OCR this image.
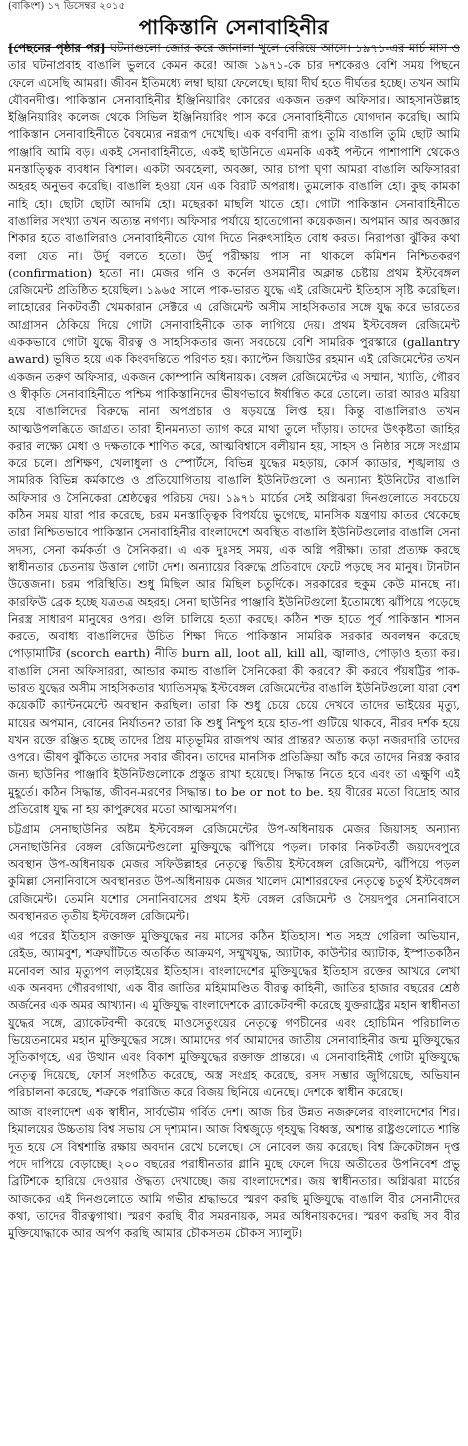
(বাকিংশ) ১৭ ডিসেম্বর ২০১৫
পাকিস্তানি সেনাবাহিনীর

[পেছনের পৃষ্ঠার পর] ঘটনাগুলো জোর করে জানালা খুলে বেরিয়ে আসে। ১৯৭১-এর মার্চ মাস ও তার ঘটনাপ্রবাহ বাঙালি ভুলবে কেমন করে! আজ ১৯৭১-কে চার দশকেরও বেশি সময় পিছনে ফেলে এসেছি আমরা। জীবন ইতিমধ্যে লম্বা ছায়া ফেলেছে। ছায়া দীর্ঘ হতে দীর্ঘতর হচ্ছে। তখন আমি যৌবনদীপ্ত। পাকিস্তান সেনাবাহিনীর ইঞ্জিনিয়ারিং কোরের একজন তরুণ অফিসার। আহসানউল্লাহ ইঞ্জিনিয়ারিং কলেজ থেকে সিভিল ইঞ্জিনিয়ারিং পাস করে সেনাবাহিনীতে যোগদান করেছি। আমি পাকিস্তান সেনাবাহিনীতে বৈষম্যের নগ্নরূপ দেখেছি। এক বর্ণবাদী রূপ। তুমি বাঙালি তুমি ছোট আমি পাঞ্জাবি আমি বড়। একই সেনাবাহিনীতে, একই ছাউনিতে এমনকি একই পল্টনে পাশাপাশি থেকেও মনস্তাত্ত্বিক ব্যবধান বিশাল। একটা অবহেলা, অবজ্ঞা, আর চাপা ঘৃণা আমরা বাঙালি অফিসাররা অহরহ অনুভব করেছি। বাঙালি হওয়া যেন এক বিরাট অপরাধ। তুমলোক বাঙালি হো। কুছ কামকা নাহি হো। ছোটা ছোটা আদমি হো। মছেরকা মাছলি খাতে হো। গোটা পাকিস্তান সেনাবাহিনীতে বাঙালির সংখ্যা তখন অত্যন্ত নগণ্য। অফিসার পর্যায়ে হাতেগোনা কয়েকজন। অপমান আর অবজ্ঞার শিকার হতে বাঙালিরাও সেনাবাহিনীতে যোগ দিতে নিরুৎসাহিত বোধ করত। নিরাপত্তা ঝুঁকির কথা বলা যেত না। উর্দু বলতে হতো। উর্দু পরীক্ষায় পাস না থাকলে কমিশন নিশ্চিতকরণ (confirmation) হতো না। মেজর গনি ও কর্নেল ওসমানীর অক্লান্ত চেষ্টায় প্রথম ইস্টবেঙ্গল রেজিমেন্ট প্রতিষ্ঠিত হয়েছিল। ১৯৬৫ সালে পাক-ভারত যুদ্ধে এই রেজিমেন্ট ইতিহাস সৃষ্টি করেছিল। লাহোরের নিকটবর্তী খেমকারান সেক্টরে এ রেজিমেন্ট অসীম সাহসিকতার সঙ্গে যুদ্ধ করে ভারতের আগ্রাসন ঠেকিয়ে দিয়ে গোটা সেনাবাহিনীকে তাক লাগিয়ে দেয়। প্রথম ইস্টবেঙ্গল রেজিমেন্ট এককভাবে গোটা যুদ্ধে বীরত্ব ও সাহসিকতার জন্য সবচেয়ে বেশি সামরিক পুরস্কারে (gallantry award) ভূষিত হয়ে এক কিংবদন্তিতে পরিণত হয়। ক্যাপ্টেন জিয়াউর রহমান এই রেজিমেন্টের তখন একজন তরুণ অফিসার, একজন কোম্পানি অধিনায়ক। বেঙ্গল রেজিমেন্টের এ সম্মান, খ্যাতি, গৌরব ও স্বীকৃতি সেনাবাহিনীতে পশ্চিম পাকিস্তানিদের ভীষণভাবে ঈর্ষান্বিত করে তোলে। তারা আরও মরিয়া হয়ে বাঙালিদের বিরুদ্ধে নানা অপপ্রচার ও ষড়যন্ত্রে লিপ্ত হয়। কিন্তু বাঙালিরাও তখন আত্মউপলব্ধিতে জাগ্রত। তারা হীনমন্যতা ত্যাগ করে মাথা তুলে দাঁড়ায়। তাদের উৎকৃষ্টতা জাহির করার লক্ষ্যে মেধা ও দক্ষতাকে শাণিত করে, আত্মবিশ্বাসে বলীয়ান হয়, সাহস ও নিষ্ঠার সঙ্গে সংগ্রাম করে চলে। প্রশিক্ষণ, খেলাধুলা ও স্পোর্টসে, বিভিন্ন যুদ্ধের মহড়ায়, কোর্স ক্যাডার, শৃঙ্খলায় ও সামরিক বিভিন্ন কর্মকাণ্ডে ও প্রতিযোগিতায় বাঙালি ইউনিটগুলো ও অন্যান্য ইউনিটের বাঙালি অফিসার ও সৈনিকেরা শ্রেষ্ঠত্বের পরিচয় দেয়। ১৯৭১ মার্চের সেই অগ্নিঝরা দিনগুলোতে সবচেয়ে কঠিন সময় যারা পার করেছে, চরম মনস্তাত্ত্বিক বিপর্যয়ে ভুগেছে, মানসিক যন্ত্রণায় কাতর থেকেছে তারা নিশ্চিতভাবে পাকিস্তান সেনাবাহিনীর বাংলাদেশে অবস্থিত বাঙালি ইউনিটগুলোর বাঙালি সেনা সদস্য, সেনা কর্মকর্তা ও সৈনিকরা। এ এক দুঃসহ সময়, এক অগ্নি পরীক্ষা। তারা প্রত্যক্ষ করছে স্বাধীনতার চেতনায় উত্তাল গোটা দেশ। অন্যায়ের বিরুদ্ধে প্রতিবাদে ফেটে পড়ছে সব মানুষ। টানটান উত্তেজনা। চরম পরিস্থিতি। শুধু মিছিল আর মিছিল চতুর্দিকে। সরকারের হুকুম কেউ মানছে না। কারফিউ ব্রেক হচ্ছে যত্রতত্র অহরহ। সেনা ছাউনির পাঞ্জাবি ইউনিটগুলো ইতোমধ্যে ঝাঁপিয়ে পড়েছে নিরস্ত্র সাধারণ মানুষের ওপর। গুলি চালিয়ে হত্যা করছে। কঠিন শক্ত হাতে পূর্ব পাকিস্তান শাসন করতে, অবাধ্য বাঙালিদের উচিত শিক্ষা দিতে পাকিস্তান সামরিক সরকার অবলম্বন করেছে পোড়ামাটির (scorch earth) নীতি burn all, loot all, kill all, জ্বালাও, পোড়াও হত্যা কর। বাঙালি সেনা অফিসাররা, আন্ডার কমান্ড বাঙালি সৈনিকেরা কী করবে? কী করবে পঁয়ষট্টির পাক-ভারত যুদ্ধের অসীম সাহসিকতার খ্যাতিসমৃদ্ধ ইস্টবেঙ্গল রেজিমেন্টের বাঙালি ইউনিটগুলো যারা বেশ কয়েকটি ক্যান্টনমেন্টে অবস্থান করছিল। তারা কি শুধু চেয়ে চেয়ে দেখবে তাদের ভাইয়ের মৃত্যু, মায়ের অপমান, বোনের নির্যাতন? তারা কি শুধু নিশ্চুপ হয়ে হাত-পা গুটিয়ে থাকবে, নীরব দর্শক হয়ে যখন রক্তে রঞ্জিত হচ্ছে তাদের প্রিয় মাতৃভূমির রাজপথ আর প্রান্তর? অত্যন্ত কড়া নজরদারি তাদের ওপরে। ভীষণ ঝুঁকিতে তাদের সবার জীবন। তাদের মানসিক প্রতিক্রিয়া আঁচ করে তাদের নিরস্ত্র করার জন্য ছাউনির পাঞ্জাবি ইউনিটগুলোকে প্রস্তুত রাখা হয়েছে। সিদ্ধান্ত নিতে হবে এবং তা এক্ষুণি এই মুহূর্তে। কঠিন সিদ্ধান্ত, জীবন-মরণের সিদ্ধান্ত। to be or not to be. হয় বীরের মতো বিদ্রোহ আর প্রতিরোধ যুদ্ধ না হয় কাপুরুষের মতো আত্মসমর্পণ।

চট্টগ্রাম সেনাছাউনির অষ্টম ইস্টবেঙ্গল রেজিমেন্টের উপ-অধিনায়ক মেজর জিয়াসহ অন্যান্য সেনাছাউনির বেঙ্গল রেজিমেন্টগুলো মুক্তিযুদ্ধে ঝাঁপিয়ে পড়ল। ঢাকার নিকটবর্তী জয়দেবপুরে অবস্থান উপ-অধিনায়ক মেজর সফিউল্লাহর নেতৃত্বে দ্বিতীয় ইস্টবেঙ্গল রেজিমেন্ট, ঝাঁপিয়ে পড়ল কুমিল্লা সেনানিবাসে অবস্থানরত উপ-অধিনায়ক মেজর খালেদ মোশাররফের নেতৃত্বে চতুর্থ ইস্টবেঙ্গল রেজিমেন্ট। তেমনি যশোর সেনানিবাসের প্রথম ইস্ট বেঙ্গল রেজিমেন্ট ও সৈয়দপুর সেনানিবাসে অবস্থানরত তৃতীয় ইস্টবেঙ্গল রেজিমেন্ট।

এর পরের ইতিহাস রক্তাক্ত মুক্তিযুদ্ধের নয় মাসের কঠিন ইতিহাস। শত সহস্র গেরিলা অভিযান, রেইড, অ্যামবুশ, শত্রুঘাঁটিতে অতর্কিত আক্রমণ, সম্মুখযুদ্ধ, অ্যাটাক, কাউন্টার অ্যাটাক, ইস্পাতকঠিন মনোবল আর মৃত্যুপণ লড়াইয়ের ইতিহাস। বাংলাদেশের মুক্তিযুদ্ধের ইতিহাস রক্তের আখরে লেখা এক অনবদ্য গৌরবগাথা, এক বীর জাতির মহিমামণ্ডিত বীরত্ব কাহিনী, জাতির হাজার বছরের শ্রেষ্ঠ অর্জনের এক অমর আখ্যান। এ মুক্তিযুদ্ধ বাংলাদেশকে ব্র্যাকেটবন্দী করেছে যুক্তরাষ্ট্রের মহান স্বাধীনতা যুদ্ধের সঙ্গে, ব্র্যাকেটবন্দী করেছে মাওসেতুংয়ের নেতৃত্বে গণচীনের এবং হোচিমিন পরিচালিত ভিয়েতনামের মহান মুক্তিযুদ্ধের সঙ্গে। আমাদের গর্ব আমাদের জাতীয় সেনাবাহিনীর জন্ম মুক্তিযুদ্ধের সূতিকাগৃহে, এর উত্থান এবং বিকাশ মুক্তিযুদ্ধের রক্তাক্ত প্রান্তরে। এ সেনাবাহিনীই গোটা মুক্তিযুদ্ধে নেতৃত্ব দিয়েছে, ফোর্স সংগঠিত করেছে, অস্ত্র সংগ্রহ করেছে, রসদ সম্ভার জুগিয়েছে, অভিযান পরিচালনা করেছে, শত্রুকে পরাজিত করে বিজয় ছিনিয়ে এনেছে। দেশকে স্বাধীন করেছে।

আজ বাংলাদেশ এক স্বাধীন, সার্বভৌম গর্বিত দেশ। আজ চির উন্নত নজরুলের বাংলাদেশের শির। হিমালয়ের উচ্চতায় বিশ্ব সভায় সে দৃশ্যমান। আজ বিশ্বজুড়ে গৃহযুদ্ধ বিধ্বস্ত, অশান্ত রাষ্ট্রগুলোতে শান্তি দূত হয়ে সে বিশ্বশান্তি রক্ষায় অবদান রেখে চলেছে। সে নোবেল জয় করেছে। বিশ্ব ক্রিকেটাঙ্গন দৃপ্ত পদে দাপিয়ে বেড়াচ্ছে। ২০০ বছরের পরাধীনতার গ্লানি মুছে ফেলে দিয়ে অতীতের উপনিবেশ প্রভু ব্রিটিশকে হারিয়ে দেওয়ার ঔদ্ধত্য দেখাচ্ছে। জয় বাংলাদেশের। জয় স্বাধীনতার। অগ্নিঝরা মার্চের আজকের এই দিনগুলোতে আমি গভীর শ্রদ্ধাভরে স্মরণ করছি মুক্তিযুদ্ধে বাঙালি বীর সেনানীদের কথা, তাদের বীরত্বগাথা। স্মরণ করছি বীর সমরনায়ক, সমর অধিনায়কদের। স্মরণ করছি সব বীর মুক্তিযোদ্ধাকে আর অর্পণ করছি আমার চৌকসতম চৌকস স্যালুট।
